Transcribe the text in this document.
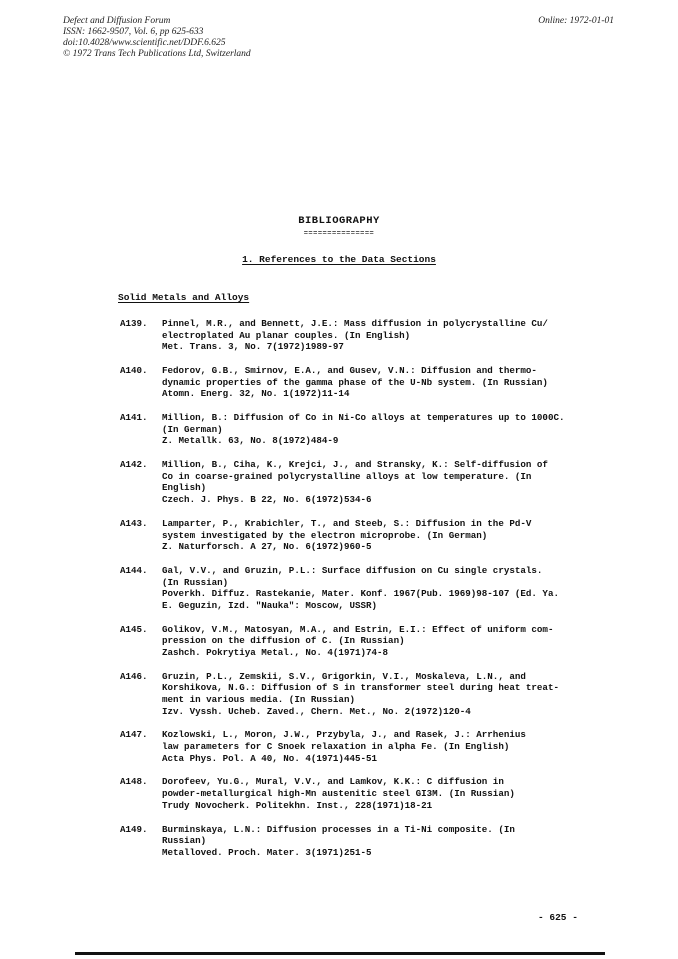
Defect and Diffusion Forum
ISSN: 1662-9507, Vol. 6, pp 625-633
doi:10.4028/www.scientific.net/DDF.6.625
© 1972 Trans Tech Publications Ltd, Switzerland
Online: 1972-01-01
BIBLIOGRAPHY
===============
1. References to the Data Sections
Solid Metals and Alloys
A139.	Pinnel, M.R., and Bennett, J.E.: Mass diffusion in polycrystalline Cu/
electroplated Au planar couples. (In English)
Met. Trans. 3, No. 7(1972)1989-97
A140.	Fedorov, G.B., Smirnov, E.A., and Gusev, V.N.: Diffusion and thermo-
dynamic properties of the gamma phase of the U-Nb system. (In Russian)
Atomn. Energ. 32, No. 1(1972)11-14
A141.	Million, B.: Diffusion of Co in Ni-Co alloys at temperatures up to 1000C.
(In German)
Z. Metallk. 63, No. 8(1972)484-9
A142.	Million, B., Ciha, K., Krejci, J., and Stransky, K.: Self-diffusion of
Co in coarse-grained polycrystalline alloys at low temperature. (In
English)
Czech. J. Phys. B 22, No. 6(1972)534-6
A143.	Lamparter, P., Krabichler, T., and Steeb, S.: Diffusion in the Pd-V
system investigated by the electron microprobe. (In German)
Z. Naturforsch. A 27, No. 6(1972)960-5
A144.	Gal, V.V., and Gruzin, P.L.: Surface diffusion on Cu single crystals.
(In Russian)
Poverkh. Diffuz. Rastekanie, Mater. Konf. 1967(Pub. 1969)98-107 (Ed. Ya.
E. Geguzin, Izd. "Nauka": Moscow, USSR)
A145.	Golikov, V.M., Matosyan, M.A., and Estrin, E.I.: Effect of uniform com-
pression on the diffusion of C. (In Russian)
Zashch. Pokrytiya Metal., No. 4(1971)74-8
A146.	Gruzin, P.L., Zemskii, S.V., Grigorkin, V.I., Moskaleva, L.N., and
Korshikova, N.G.: Diffusion of S in transformer steel during heat treat-
ment in various media. (In Russian)
Izv. Vyssh. Ucheb. Zaved., Chern. Met., No. 2(1972)120-4
A147.	Kozlowski, L., Moron, J.W., Przybyla, J., and Rasek, J.: Arrhenius
law parameters for C Snoek relaxation in alpha Fe. (In English)
Acta Phys. Pol. A 40, No. 4(1971)445-51
A148.	Dorofeev, Yu.G., Mural, V.V., and Lamkov, K.K.: C diffusion in
powder-metallurgical high-Mn austenitic steel GI3M. (In Russian)
Trudy Novocherk. Politekhn. Inst., 228(1971)18-21
A149.	Burminskaya, L.N.: Diffusion processes in a Ti-Ni composite. (In
Russian)
Metalloved. Proch. Mater. 3(1971)251-5
- 625 -
